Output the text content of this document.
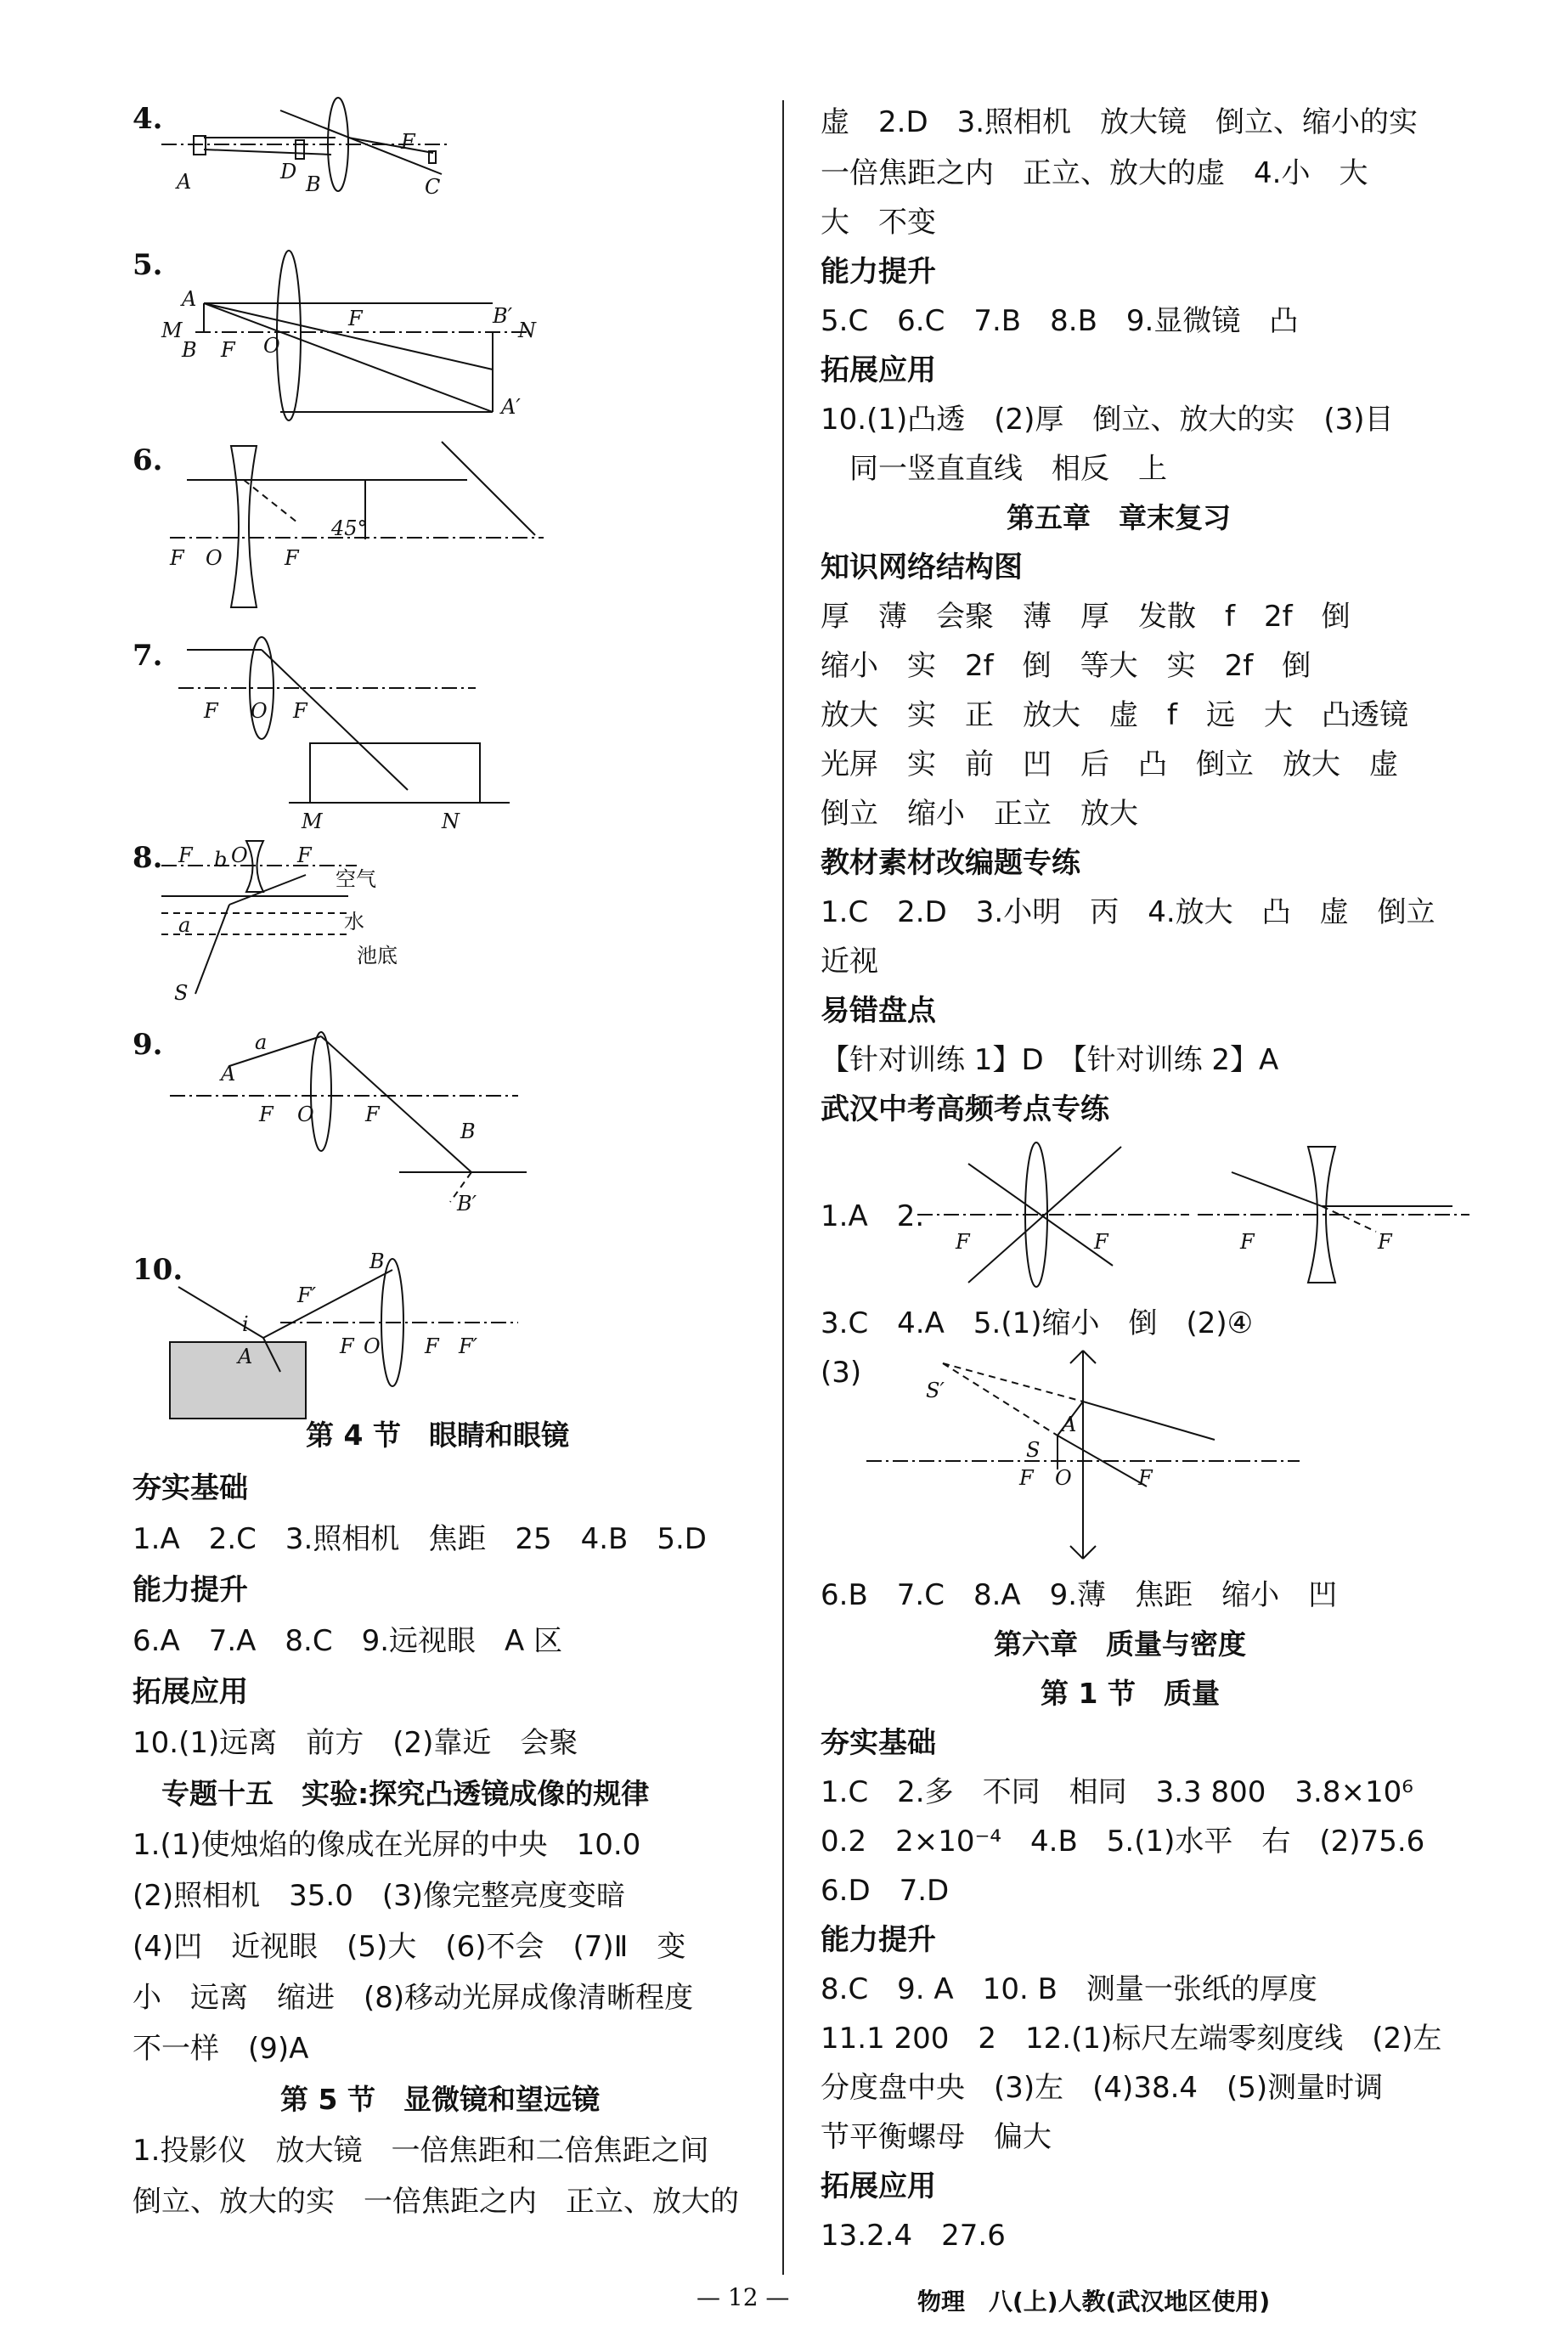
4.
A	D
B
F
C
5.
A
M
B F O
F	B′
N
A′
6.
F O	F
45°
7.
F O F
M	N
8. F b O F
空气
a	水
池底
S
9.	a
A
F O	F
B
B′
10.
F′
B
i
F O F F′
A
第 4 节　眼睛和眼镜
夯实基础
1.A　2.C　3.照相机　焦距　25　4.B　5.D
能力提升
6.A　7.A　8.C　9.远视眼　A 区
拓展应用
10.(1)远离　前方　(2)靠近　会聚
专题十五　实验:探究凸透镜成像的规律
1.(1)使烛焰的像成在光屏的中央　10.0
(2)照相机　35.0　(3)像完整亮度变暗
(4)凹　近视眼　(5)大　(6)不会　(7)Ⅱ　变
小　远离　缩进　(8)移动光屏成像清晰程度
不一样　(9)A
第 5 节　显微镜和望远镜
1.投影仪　放大镜　一倍焦距和二倍焦距之间
倒立、放大的实　一倍焦距之内　正立、放大的
虚　2.D　3.照相机　放大镜　倒立、缩小的实
一倍焦距之内　正立、放大的虚　4.小　大
大　不变
能力提升
5.C　6.C　7.B　8.B　9.显微镜　凸
拓展应用
10.(1)凸透　(2)厚　倒立、放大的实　(3)目
同一竖直直线　相反　上
第五章　章末复习
知识网络结构图
厚　薄　会聚　薄　厚　发散　f　2f　倒
缩小　实　2f　倒　等大　实　2f　倒
放大　实　正　放大　虚　f　远　大　凸透镜
光屏　实　前　凹　后　凸　倒立　放大　虚
倒立　缩小　正立　放大
教材素材改编题专练
1.C　2.D　3.小明　丙　4.放大　凸　虚　倒立
近视
易错盘点
【针对训练 1】D　【针对训练 2】A
武汉中考高频考点专练
1.A　2.
F	F	F	F
3.C　4.A　5.(1)缩小　倒　(2)④
(3)
S′
S
A
F O	F
6.B　7.C　8.A　9.薄　焦距　缩小　凹
第六章　质量与密度
第 1 节　质量
夯实基础
1.C　2.多　不同　相同　3.3 800　3.8×10⁶
0.2　2×10⁻⁴　4.B　5.(1)水平　右　(2)75.6
6.D　7.D
能力提升
8.C　9. A　10. B　测量一张纸的厚度
11.1 200　2　12.(1)标尺左端零刻度线　(2)左
分度盘中央　(3)左　(4)38.4　(5)测量时调
节平衡螺母　偏大
拓展应用
13.2.4　27.6
— 12 —	物理　八(上)人教(武汉地区使用)
